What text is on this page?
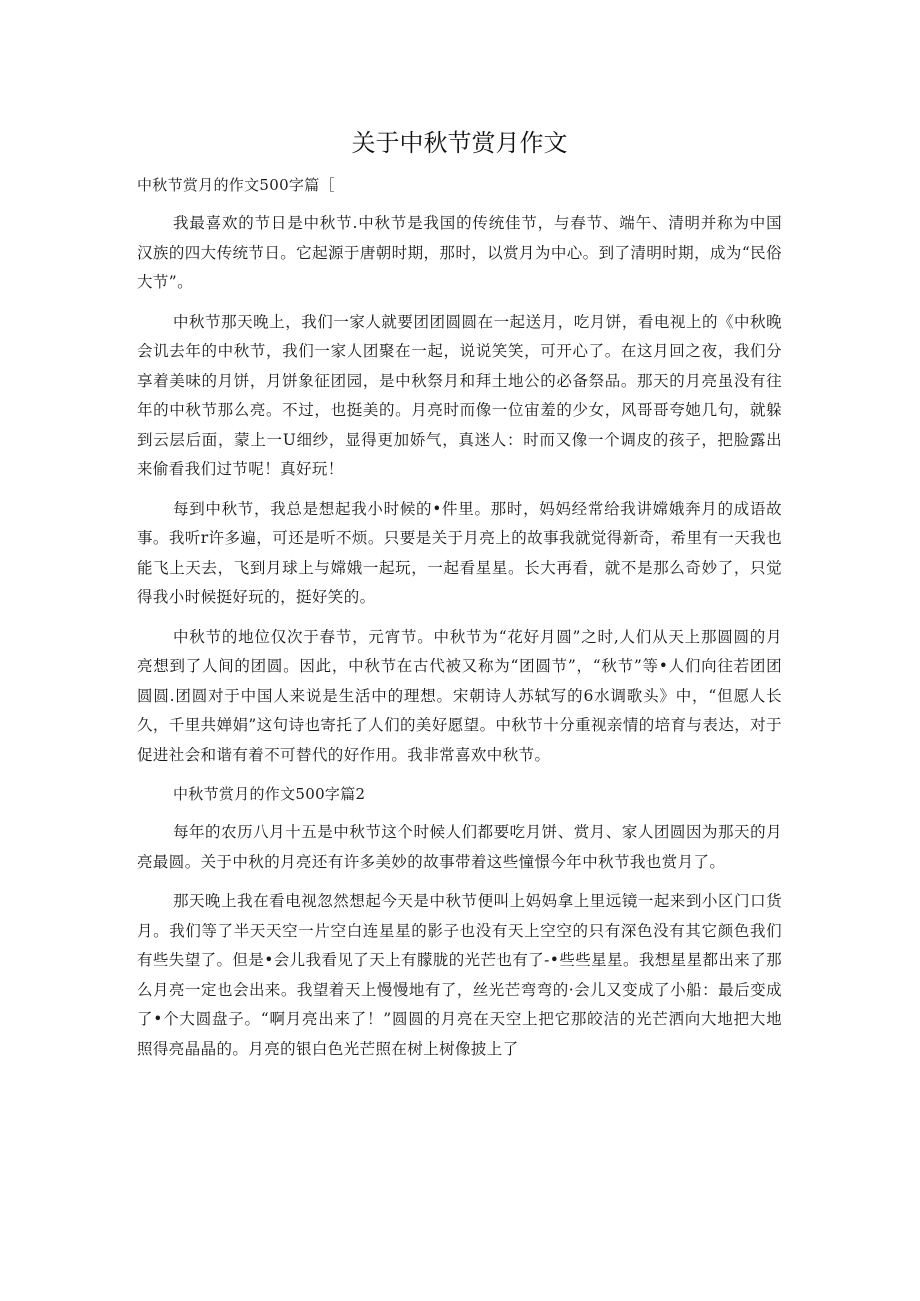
关于中秋节赏月作文

中秋节赏月的作文500字篇［

我最喜欢的节日是中秋节.中秋节是我国的传统佳节，与春节、端午、清明并称为中国汉族的四大传统节日。它起源于唐朝时期，那时，以赏月为中心。到了清明时期，成为“民俗大节”。

中秋节那天晚上，我们一家人就要团团圆圆在一起送月，吃月饼，看电视上的《中秋晚会讥去年的中秋节，我们一家人团聚在一起，说说笑笑，可开心了。在这月回之夜，我们分享着美味的月饼，月饼象征团园，是中秋祭月和拜土地公的必备祭品。那天的月亮虽没有往年的中秋节那么亮。不过，也挺美的。月亮时而像一位宙羞的少女，风哥哥夸她几句，就躲到云层后面，蒙上一U细纱，显得更加娇气，真迷人：时而又像一个调皮的孩子，把脸露出来偷看我们过节呢！真好玩！

每到中秋节，我总是想起我小时候的•件里。那时，妈妈经常给我讲嫦娥奔月的成语故事。我听r许多遍，可还是听不烦。只要是关于月亮上的故事我就觉得新奇，希里有一天我也能飞上天去，飞到月球上与嫦娥一起玩，一起看星星。长大再看，就不是那么奇妙了，只觉得我小时候挺好玩的，挺好笑的。

中秋节的地位仅次于春节，元宵节。中秋节为“花好月圆”之时,人们从天上那圆圆的月亮想到了人间的团圆。因此，中秋节在古代被又称为“团圆节”，“秋节”等•人们向往若团团圆圆.团圆对于中国人来说是生活中的理想。宋朝诗人苏轼写的6水调歌头》中，“但愿人长久，千里共婵娟”这句诗也寄托了人们的美好愿望。中秋节十分重视亲情的培育与表达，对于促进社会和谐有着不可替代的好作用。我非常喜欢中秋节。

中秋节赏月的作文500字篇2

每年的农历八月十五是中秋节这个时候人们都要吃月饼、赏月、家人团圆因为那天的月亮最圆。关于中秋的月亮还有许多美妙的故事带着这些憧憬今年中秋节我也赏月了。

那天晚上我在看电视忽然想起今天是中秋节便叫上妈妈拿上里远镜一起来到小区门口货月。我们等了半天天空一片空白连星星的影子也没有天上空空的只有深色没有其它颜色我们有些失望了。但是•会儿我看见了天上有朦胧的光芒也有了-•些些星星。我想星星都出来了那么月亮一定也会出来。我望着天上慢慢地有了，丝光芒弯弯的·会儿又变成了小船：最后变成了•个大圆盘子。“啊月亮出来了！”圆圆的月亮在天空上把它那皎洁的光芒洒向大地把大地照得亮晶晶的。月亮的银白色光芒照在树上树像披上了
